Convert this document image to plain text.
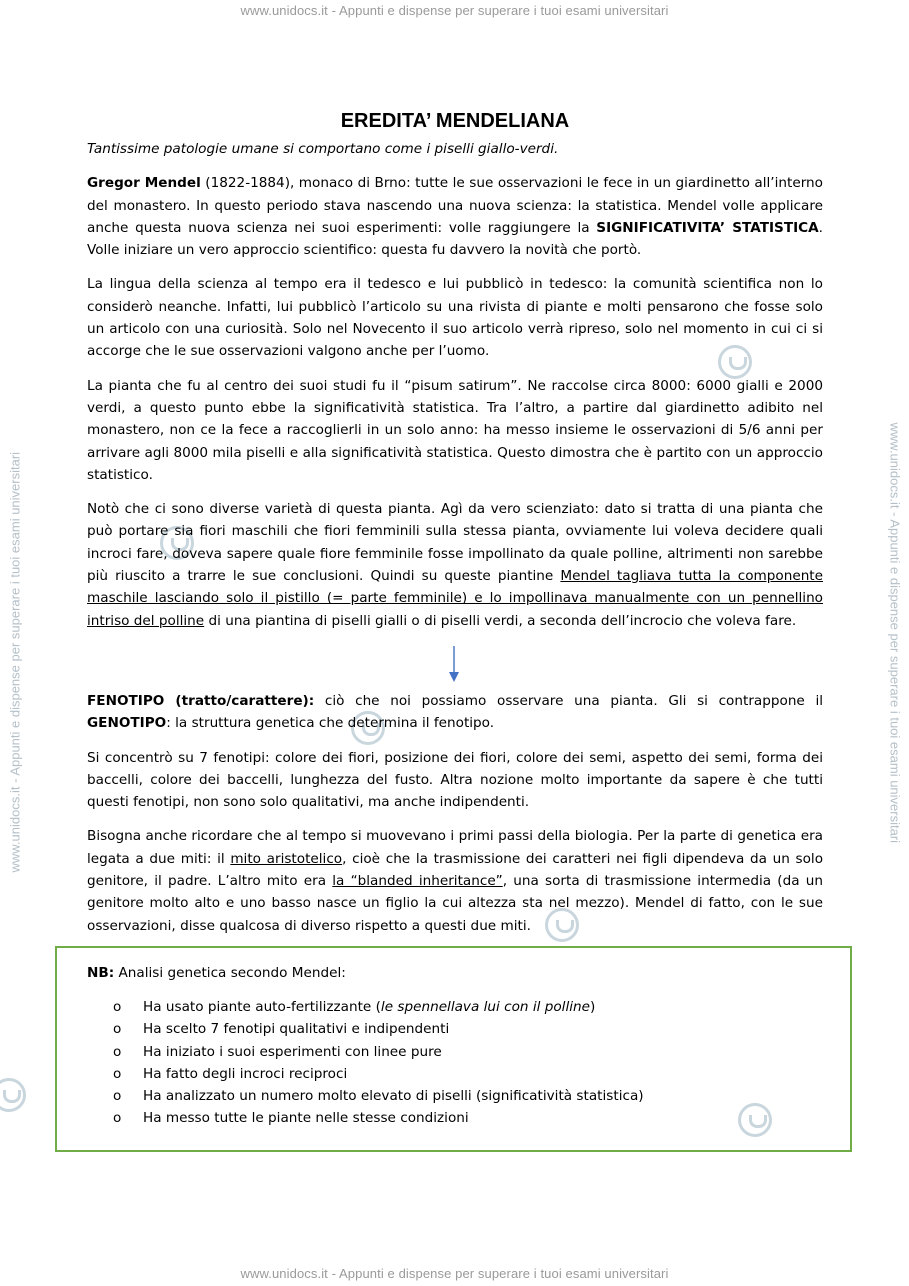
www.unidocs.it - Appunti e dispense per superare i tuoi esami universitari
www.unidocs.it - Appunti e dispense per superare i tuoi esami universitari
www.unidocs.it - Appunti e dispense per superare i tuoi esami universitari	www.unidocs.it - Appunti e dispense per superare i tuoi esami universitari
EREDITA’ MENDELIANA

Tantissime patologie umane si comportano come i piselli giallo-verdi.

Gregor Mendel (1822-1884), monaco di Brno: tutte le sue osservazioni le fece in un giardinetto all’interno del monastero. In questo periodo stava nascendo una nuova scienza: la statistica. Mendel volle applicare anche questa nuova scienza nei suoi esperimenti: volle raggiungere la SIGNIFICATIVITA’ STATISTICA. Volle iniziare un vero approccio scientifico: questa fu davvero la novità che portò.

La lingua della scienza al tempo era il tedesco e lui pubblicò in tedesco: la comunità scientifica non lo considerò neanche. Infatti, lui pubblicò l’articolo su una rivista di piante e molti pensarono che fosse solo un articolo con una curiosità. Solo nel Novecento il suo articolo verrà ripreso, solo nel momento in cui ci si accorge che le sue osservazioni valgono anche per l’uomo.

La pianta che fu al centro dei suoi studi fu il “pisum satirum”. Ne raccolse circa 8000: 6000 gialli e 2000 verdi, a questo punto ebbe la significatività statistica. Tra l’altro, a partire dal giardinetto adibito nel monastero, non ce la fece a raccoglierli in un solo anno: ha messo insieme le osservazioni di 5/6 anni per arrivare agli 8000 mila piselli e alla significatività statistica. Questo dimostra che è partito con un approccio statistico.

Notò che ci sono diverse varietà di questa pianta. Agì da vero scienziato: dato si tratta di una pianta che può portare sia fiori maschili che fiori femminili sulla stessa pianta, ovviamente lui voleva decidere quali incroci fare, doveva sapere quale fiore femminile fosse impollinato da quale polline, altrimenti non sarebbe più riuscito a trarre le sue conclusioni. Quindi su queste piantine Mendel tagliava tutta la componente maschile lasciando solo il pistillo (= parte femminile) e lo impollinava manualmente con un pennellino intriso del polline di una piantina di piselli gialli o di piselli verdi, a seconda dell’incrocio che voleva fare.

FENOTIPO (tratto/carattere): ciò che noi possiamo osservare una pianta. Gli si contrappone il GENOTIPO: la struttura genetica che determina il fenotipo.

Si concentrò su 7 fenotipi: colore dei fiori, posizione dei fiori, colore dei semi, aspetto dei semi, forma dei baccelli, colore dei baccelli, lunghezza del fusto. Altra nozione molto importante da sapere è che tutti questi fenotipi, non sono solo qualitativi, ma anche indipendenti.

Bisogna anche ricordare che al tempo si muovevano i primi passi della biologia. Per la parte di genetica era legata a due miti: il mito aristotelico, cioè che la trasmissione dei caratteri nei figli dipendeva da un solo genitore, il padre. L’altro mito era la “blanded inheritance”, una sorta di trasmissione intermedia (da un genitore molto alto e uno basso nasce un figlio la cui altezza sta nel mezzo). Mendel di fatto, con le sue osservazioni, disse qualcosa di diverso rispetto a questi due miti.

NB: Analisi genetica secondo Mendel:
o Ha usato piante auto-fertilizzante (le spennellava lui con il polline)
o Ha scelto 7 fenotipi qualitativi e indipendenti
o Ha iniziato i suoi esperimenti con linee pure
o Ha fatto degli incroci reciproci
o Ha analizzato un numero molto elevato di piselli (significatività statistica)
o Ha messo tutte le piante nelle stesse condizioni
